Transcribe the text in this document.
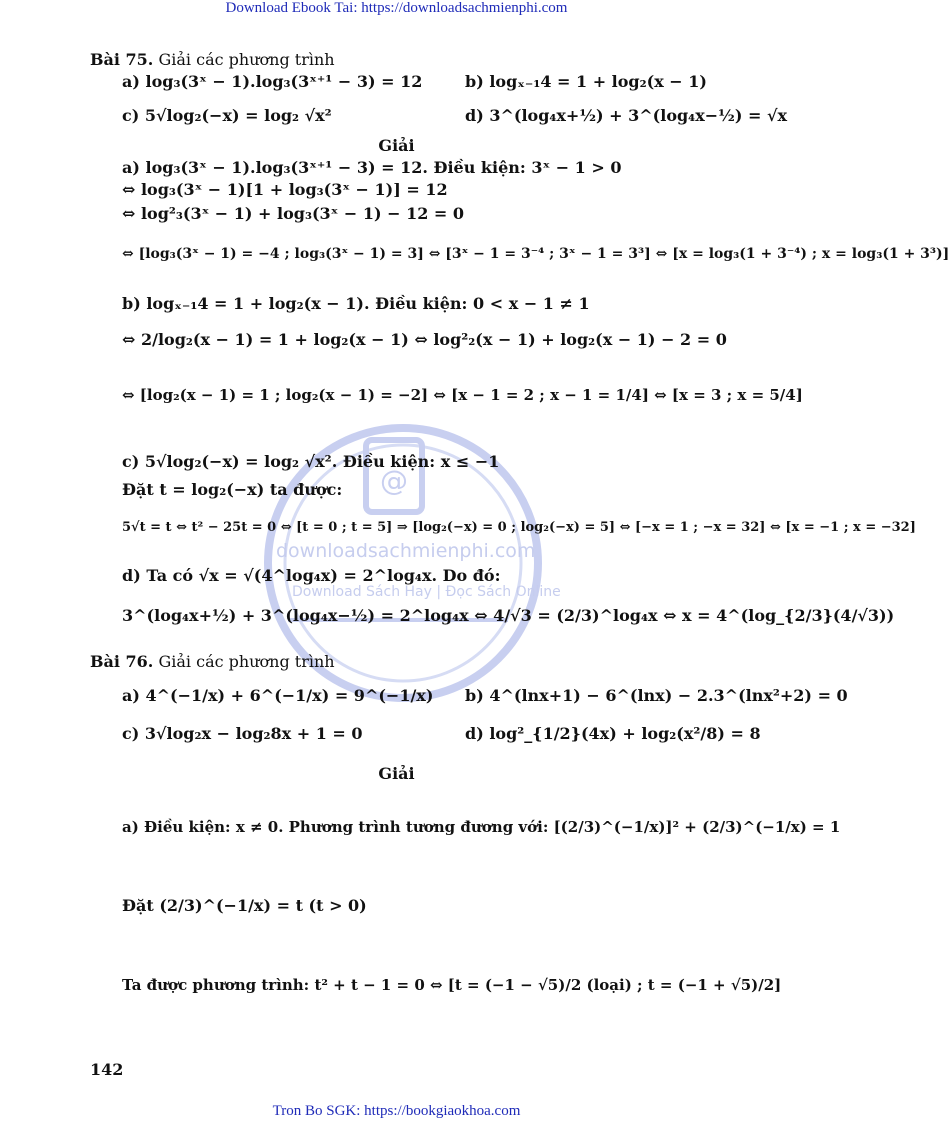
Download Ebook Tai: https://downloadsachmienphi.com
@
downloadsachmienphi.com
Download Sách Hay | Đọc Sách Online
Bài 75. Giải các phương trình
a) log₃(3ˣ − 1).log₃(3ˣ⁺¹ − 3) = 12	b) logₓ₋₁4 = 1 + log₂(x − 1)
c) 5√log₂(−x) = log₂ √x²	d) 3^(log₄x+½) + 3^(log₄x−½) = √x
Giải
a) log₃(3ˣ − 1).log₃(3ˣ⁺¹ − 3) = 12. Điều kiện: 3ˣ − 1 > 0
⇔ log₃(3ˣ − 1)[1 + log₃(3ˣ − 1)] = 12
⇔ log²₃(3ˣ − 1) + log₃(3ˣ − 1) − 12 = 0
⇔ [log₃(3ˣ − 1) = −4 ; log₃(3ˣ − 1) = 3] ⇔ [3ˣ − 1 = 3⁻⁴ ; 3ˣ − 1 = 3³] ⇔ [x = log₃(1 + 3⁻⁴) ; x = log₃(1 + 3³)]
b) logₓ₋₁4 = 1 + log₂(x − 1). Điều kiện: 0 < x − 1 ≠ 1
⇔ 2/log₂(x − 1) = 1 + log₂(x − 1) ⇔ log²₂(x − 1) + log₂(x − 1) − 2 = 0
⇔ [log₂(x − 1) = 1 ; log₂(x − 1) = −2] ⇔ [x − 1 = 2 ; x − 1 = 1/4] ⇔ [x = 3 ; x = 5/4]
c) 5√log₂(−x) = log₂ √x². Điều kiện: x ≤ −1
Đặt t = log₂(−x) ta được:
5√t = t ⇔ t² − 25t = 0 ⇔ [t = 0 ; t = 5] ⇒ [log₂(−x) = 0 ; log₂(−x) = 5] ⇔ [−x = 1 ; −x = 32] ⇔ [x = −1 ; x = −32]
d) Ta có √x = √(4^log₄x) = 2^log₄x. Do đó:
3^(log₄x+½) + 3^(log₄x−½) = 2^log₄x ⇔ 4/√3 = (2/3)^log₄x ⇔ x = 4^(log_{2/3}(4/√3))
Bài 76. Giải các phương trình
a) 4^(−1/x) + 6^(−1/x) = 9^(−1/x) b) 4^(lnx+1) − 6^(lnx) − 2.3^(lnx²+2) = 0
c) 3√log₂x − log₂8x + 1 = 0	d) log²_{1/2}(4x) + log₂(x²/8) = 8
Giải
a) Điều kiện: x ≠ 0. Phương trình tương đương với: [(2/3)^(−1/x)]² + (2/3)^(−1/x) = 1
Đặt (2/3)^(−1/x) = t (t > 0)
Ta được phương trình: t² + t − 1 = 0 ⇔ [t = (−1 − √5)/2 (loại) ; t = (−1 + √5)/2]
142
Tron Bo SGK: https://bookgiaokhoa.com
